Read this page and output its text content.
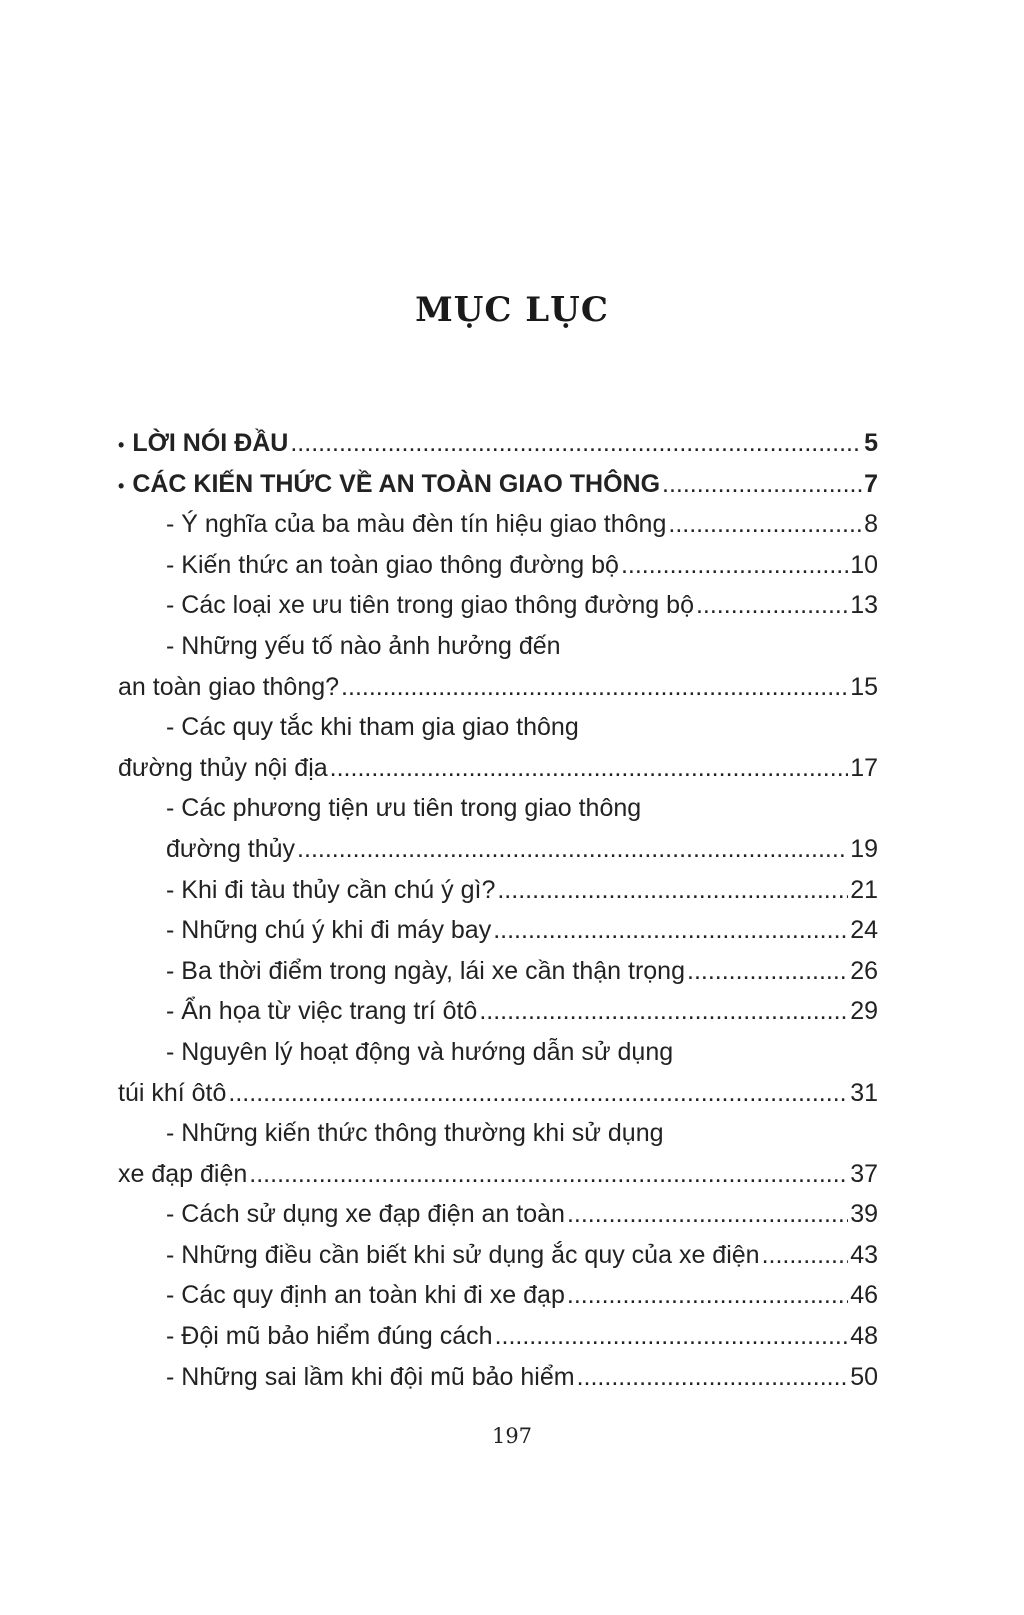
MỤC LỤC
• LỜI NÓI ĐẦU .....	5
• CÁC KIẾN THỨC VỀ AN TOÀN GIAO THÔNG .....	7
- Ý nghĩa của ba màu đèn tín hiệu giao thông .....	8
- Kiến thức an toàn giao thông đường bộ .....	10
- Các loại xe ưu tiên trong giao thông đường bộ .....	13
- Những yếu tố nào ảnh hưởng đến
an toàn giao thông? .....	15
- Các quy tắc khi tham gia giao thông
đường thủy nội địa .....	17
- Các phương tiện ưu tiên trong giao thông
đường thủy .....	19
- Khi đi tàu thủy cần chú ý gì? .....	21
- Những chú ý khi đi máy bay .....	24
- Ba thời điểm trong ngày, lái xe cần thận trọng .....	26
- Ẩn họa từ việc trang trí ôtô .....	29
- Nguyên lý hoạt động và hướng dẫn sử dụng
túi khí ôtô .....	31
- Những kiến thức thông thường khi sử dụng
xe đạp điện .....	37
- Cách sử dụng xe đạp điện an toàn .....	39
- Những điều cần biết khi sử dụng ắc quy của xe điện .....	43
- Các quy định an toàn khi đi xe đạp .....	46
- Đội mũ bảo hiểm đúng cách .....	48
- Những sai lầm khi đội mũ bảo hiểm .....	50
197
